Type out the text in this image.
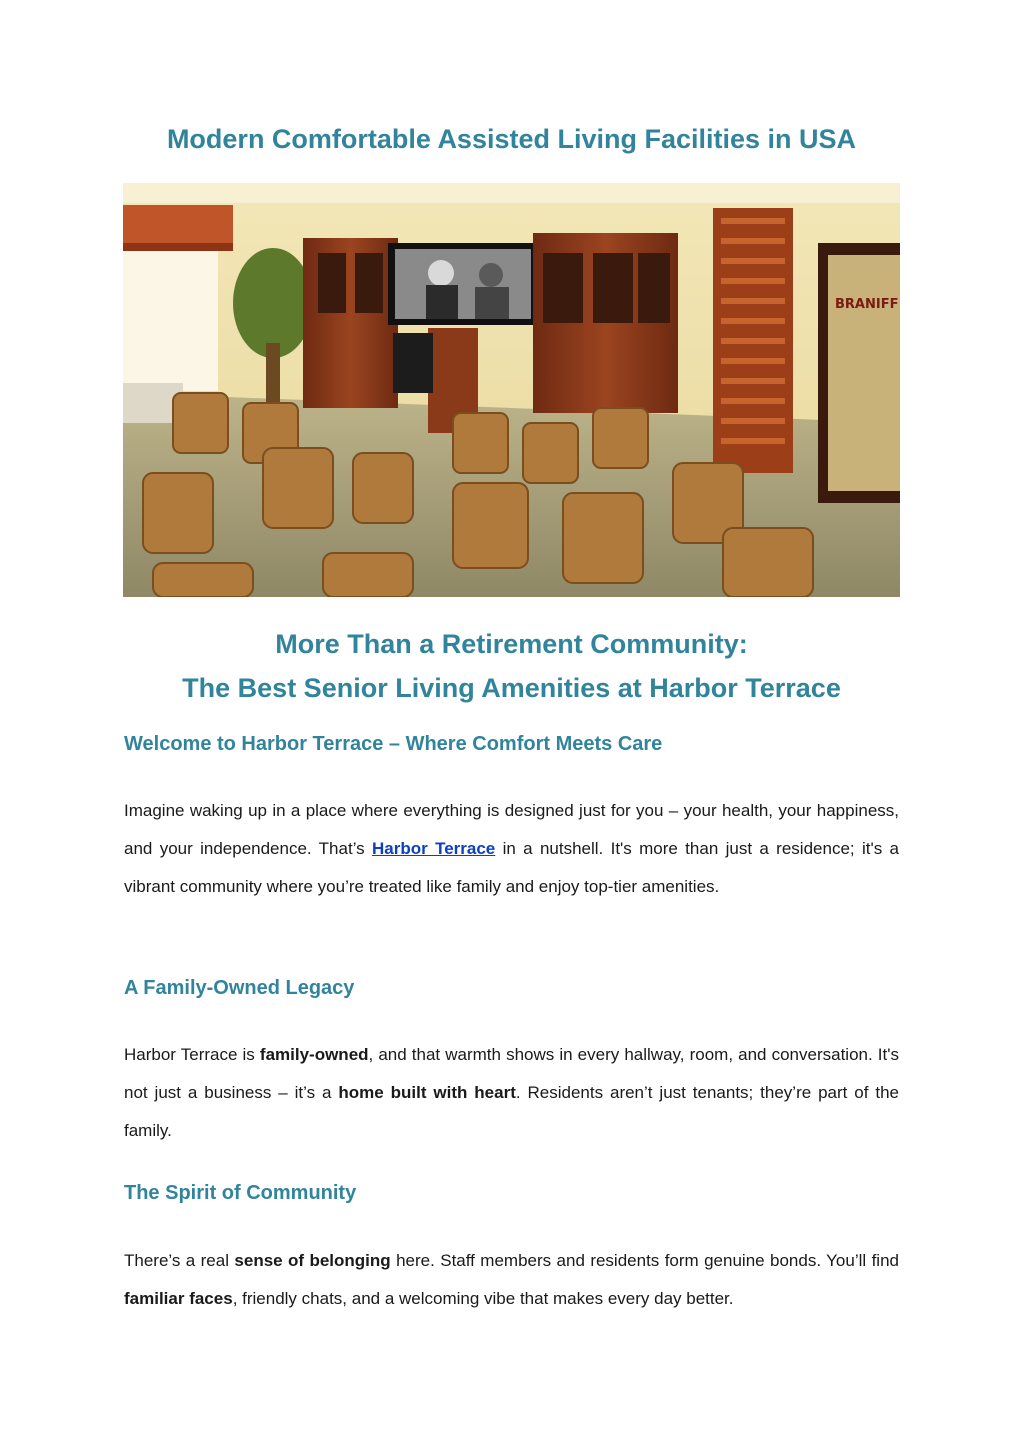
Modern Comfortable Assisted Living Facilities in USA
BRANIFF
More Than a Retirement Community:
The Best Senior Living Amenities at Harbor Terrace
Welcome to Harbor Terrace – Where Comfort Meets Care

Imagine waking up in a place where everything is designed just for you – your health, your happiness, and your independence. That’s Harbor Terrace in a nutshell. It's more than just a residence; it's a vibrant community where you’re treated like family and enjoy top-tier amenities.

A Family-Owned Legacy

Harbor Terrace is family-owned, and that warmth shows in every hallway, room, and conversation. It's not just a business – it’s a home built with heart. Residents aren’t just tenants; they’re part of the family.

The Spirit of Community

There’s a real sense of belonging here. Staff members and residents form genuine bonds. You’ll find familiar faces, friendly chats, and a welcoming vibe that makes every day better.
